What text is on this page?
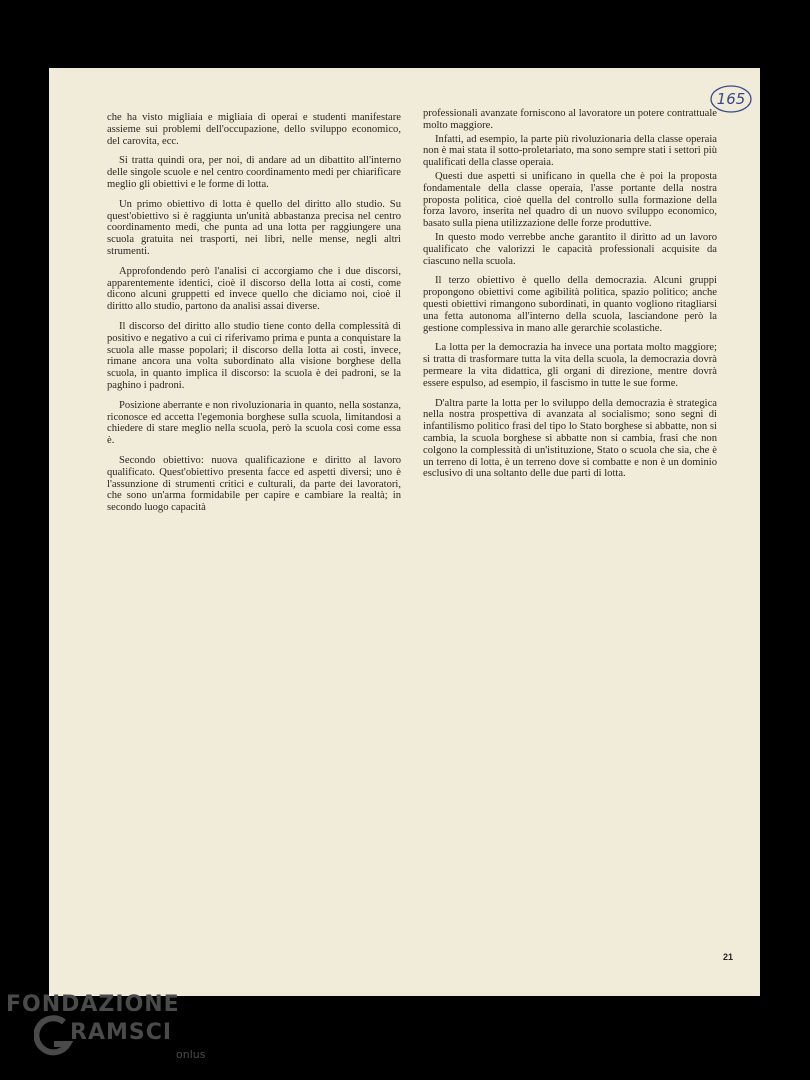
165

che ha visto migliaia e migliaia di operai e studenti manifestare assieme sui problemi dell'occupazione, dello sviluppo economico, del carovita, ecc.

Si tratta quindi ora, per noi, di andare ad un dibattito all'interno delle singole scuole e nel centro coordinamento medi per chiarificare meglio gli obiettivi e le forme di lotta.

Un primo obiettivo di lotta è quello del diritto allo studio. Su quest'obiettivo si è raggiunta un'unità abbastanza precisa nel centro coordinamento medi, che punta ad una lotta per raggiungere una scuola gratuita nei trasporti, nei libri, nelle mense, negli altri strumenti.

Approfondendo però l'analisi ci accorgiamo che i due discorsi, apparentemente identici, cioè il discorso della lotta ai costi, come dicono alcuni gruppetti ed invece quello che diciamo noi, cioè il diritto allo studio, partono da analisi assai diverse.

Il discorso del diritto allo studio tiene conto della complessità di positivo e negativo a cui ci riferivamo prima e punta a conquistare la scuola alle masse popolari; il discorso della lotta ai costi, invece, rimane ancora una volta subordinato alla visione borghese della scuola, in quanto implica il discorso: la scuola è dei padroni, se la paghino i padroni.

Posizione aberrante e non rivoluzionaria in quanto, nella sostanza, riconosce ed accetta l'egemonia borghese sulla scuola, limitandosi a chiedere di stare meglio nella scuola, però la scuola così come essa è.

Secondo obiettivo: nuova qualificazione e diritto al lavoro qualificato. Quest'obiettivo presenta facce ed aspetti diversi; uno è l'assunzione di strumenti critici e culturali, da parte dei lavoratori, che sono un'arma formidabile per capire e cambiare la realtà; in secondo luogo capacità

professionali avanzate forniscono al lavoratore un potere contrattuale molto maggiore.

Infatti, ad esempio, la parte più rivoluzionaria della classe operaia non è mai stata il sotto-proletariato, ma sono sempre stati i settori più qualificati della classe operaia.

Questi due aspetti si unificano in quella che è poi la proposta fondamentale della classe operaia, l'asse portante della nostra proposta politica, cioè quella del controllo sulla formazione della forza lavoro, inserita nel quadro di un nuovo sviluppo economico, basato sulla piena utilizzazione delle forze produttive.

In questo modo verrebbe anche garantito il diritto ad un lavoro qualificato che valorizzi le capacità professionali acquisite da ciascuno nella scuola.

Il terzo obiettivo è quello della democrazia. Alcuni gruppi propongono obiettivi come agibilità politica, spazio politico; anche questi obiettivi rimangono subordinati, in quanto vogliono ritagliarsi una fetta autonoma all'interno della scuola, lasciandone però la gestione complessiva in mano alle gerarchie scolastiche.

La lotta per la democrazia ha invece una portata molto maggiore; si tratta di trasformare tutta la vita della scuola, la democrazia dovrà permeare la vita didattica, gli organi di direzione, mentre dovrà essere espulso, ad esempio, il fascismo in tutte le sue forme.

D'altra parte la lotta per lo sviluppo della democrazia è strategica nella nostra prospettiva di avanzata al socialismo; sono segni di infantilismo politico frasi del tipo lo Stato borghese si abbatte, non si cambia, la scuola borghese si abbatte non si cambia, frasi che non colgono la complessità di un'istituzione, Stato o scuola che sia, che è un terreno di lotta, è un terreno dove si combatte e non è un dominio esclusivo di una soltanto delle due parti di lotta.

21
FONDAZIONE
RAMSCI
onlus
